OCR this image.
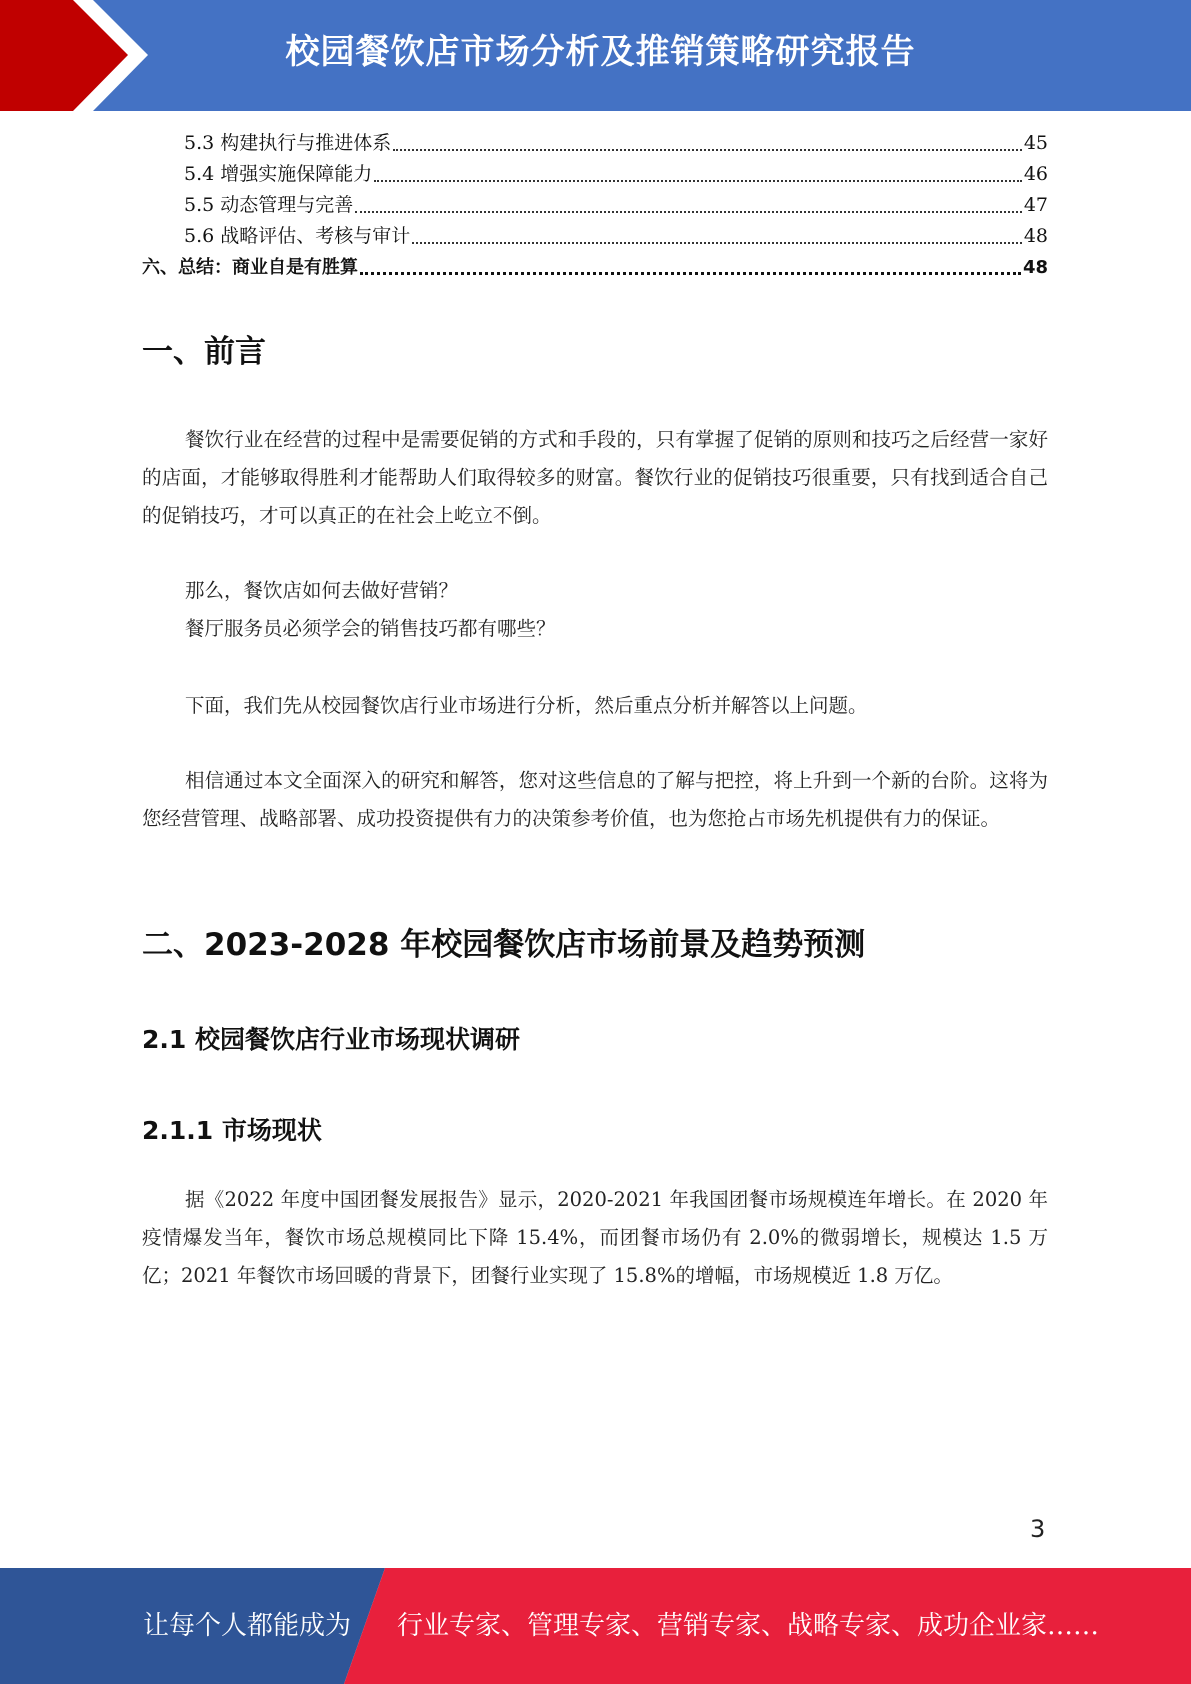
校园餐饮店市场分析及推销策略研究报告
5.3 构建执行与推进体系	45
5.4 增强实施保障能力	46
5.5 动态管理与完善	47
5.6 战略评估、考核与审计	48
六、总结：商业自是有胜算	48
一、前言

餐饮行业在经营的过程中是需要促销的方式和手段的，只有掌握了促销的原则和技巧之后经营一家好的店面，才能够取得胜利才能帮助人们取得较多的财富。餐饮行业的促销技巧很重要，只有找到适合自己的促销技巧，才可以真正的在社会上屹立不倒。

那么，餐饮店如何去做好营销？
餐厅服务员必须学会的销售技巧都有哪些？

下面，我们先从校园餐饮店行业市场进行分析，然后重点分析并解答以上问题。

相信通过本文全面深入的研究和解答，您对这些信息的了解与把控，将上升到一个新的台阶。这将为您经营管理、战略部署、成功投资提供有力的决策参考价值，也为您抢占市场先机提供有力的保证。

二、2023-2028 年校园餐饮店市场前景及趋势预测
2.1 校园餐饮店行业市场现状调研
2.1.1 市场现状

据《2022 年度中国团餐发展报告》显示，2020-2021 年我国团餐市场规模连年增长。在 2020 年疫情爆发当年，餐饮市场总规模同比下降 15.4%，而团餐市场仍有 2.0%的微弱增长，规模达 1.5 万亿；2021 年餐饮市场回暖的背景下，团餐行业实现了 15.8%的增幅，市场规模近 1.8 万亿。

3
让每个人都能成为 行业专家、管理专家、营销专家、战略专家、成功企业家……
